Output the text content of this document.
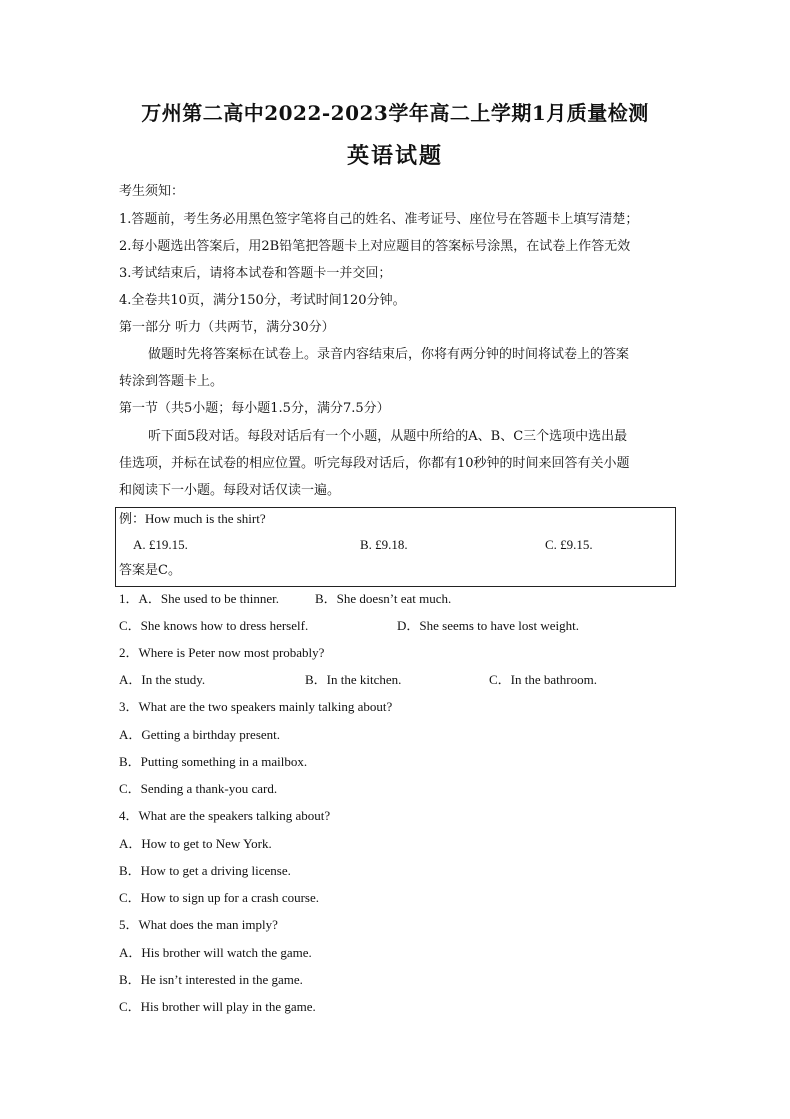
万州第二高中2022-2023学年高二上学期1月质量检测
英语试题
考生须知：
1.答题前，考生务必用黑色签字笔将自己的姓名、准考证号、座位号在答题卡上填写清楚；
2.每小题选出答案后，用2B铅笔把答题卡上对应题目的答案标号涂黑，在试卷上作答无效
3.考试结束后，请将本试卷和答题卡一并交回；
4.全卷共10页，满分150分，考试时间120分钟。
第一部分 听力（共两节，满分30分）
做题时先将答案标在试卷上。录音内容结束后，你将有两分钟的时间将试卷上的答案
转涂到答题卡上。
第一节（共5小题；每小题1.5分，满分7.5分）
听下面5段对话。每段对话后有一个小题，从题中所给的A、B、C三个选项中选出最
佳选项，并标在试卷的相应位置。听完每段对话后，你都有10秒钟的时间来回答有关小题
和阅读下一小题。每段对话仅读一遍。
例：How much is the shirt?
A. £19.15.	B. £9.18.	C. £9.15.
答案是C。
1．A．She used to be thinner.	B．She doesn’t eat much.
C．She knows how to dress herself.	D．She seems to have lost weight.
2．Where is Peter now most probably?
A．In the study.	B．In the kitchen.	C．In the bathroom.
3．What are the two speakers mainly talking about?
A．Getting a birthday present.
B．Putting something in a mailbox.
C．Sending a thank-you card.
4．What are the speakers talking about?
A．How to get to New York.
B．How to get a driving license.
C．How to sign up for a crash course.
5．What does the man imply?
A．His brother will watch the game.
B．He isn’t interested in the game.
C．His brother will play in the game.
